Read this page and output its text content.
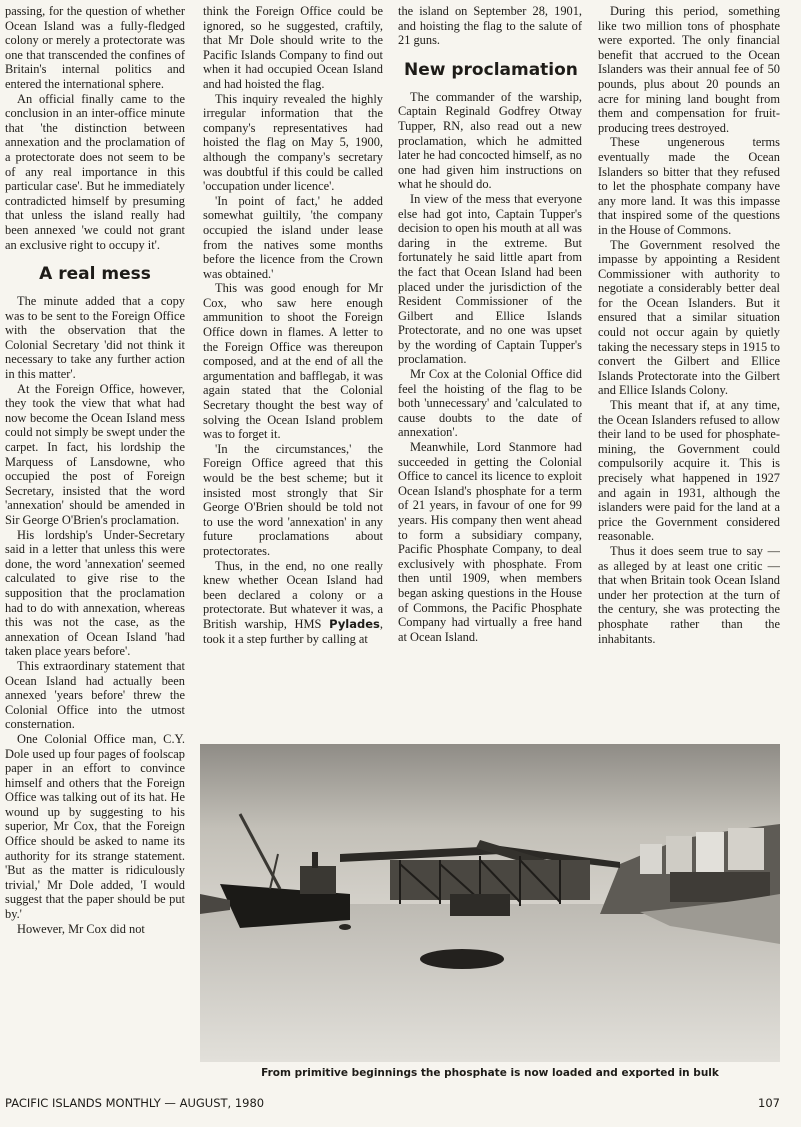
passing, for the question of whether Ocean Island was a fully-fledged colony or merely a protectorate was one that transcended the confines of Britain's internal politics and entered the international sphere.

An official finally came to the conclusion in an inter-office minute that 'the distinction between annexation and the proclamation of a protectorate does not seem to be of any real importance in this particular case'. But he immediately contradicted himself by presuming that unless the island really had been annexed 'we could not grant an exclusive right to occupy it'.

A real mess

The minute added that a copy was to be sent to the Foreign Office with the observation that the Colonial Secretary 'did not think it necessary to take any further action in this matter'.

At the Foreign Office, however, they took the view that what had now become the Ocean Island mess could not simply be swept under the carpet. In fact, his lordship the Marquess of Lansdowne, who occupied the post of Foreign Secretary, insisted that the word 'annexation' should be amended in Sir George O'Brien's proclamation.

His lordship's Under-Secretary said in a letter that unless this were done, the word 'annexation' seemed calculated to give rise to the supposition that the proclamation had to do with annexation, whereas this was not the case, as the annexation of Ocean Island 'had taken place years before'.

This extraordinary statement that Ocean Island had actually been annexed 'years before' threw the Colonial Office into the utmost consternation.

One Colonial Office man, C.Y. Dole used up four pages of foolscap paper in an effort to convince himself and others that the Foreign Office was talking out of its hat. He wound up by suggesting to his superior, Mr Cox, that the Foreign Office should be asked to name its authority for its strange statement. 'But as the matter is ridiculously trivial,' Mr Dole added, 'I would suggest that the paper should be put by.'

However, Mr Cox did not

think the Foreign Office could be ignored, so he suggested, craftily, that Mr Dole should write to the Pacific Islands Company to find out when it had occupied Ocean Island and had hoisted the flag.

This inquiry revealed the highly irregular information that the company's representatives had hoisted the flag on May 5, 1900, although the company's secretary was doubtful if this could be called 'occupation under licence'.

'In point of fact,' he added somewhat guiltily, 'the company occupied the island under lease from the natives some months before the licence from the Crown was obtained.'

This was good enough for Mr Cox, who saw here enough ammunition to shoot the Foreign Office down in flames. A letter to the Foreign Office was thereupon composed, and at the end of all the argumentation and bafflegab, it was again stated that the Colonial Secretary thought the best way of solving the Ocean Island problem was to forget it.

'In the circumstances,' the Foreign Office agreed that this would be the best scheme; but it insisted most strongly that Sir George O'Brien should be told not to use the word 'annexation' in any future proclamations about protectorates.

Thus, in the end, no one really knew whether Ocean Island had been declared a colony or a protectorate. But whatever it was, a British warship, HMS Pylades, took it a step further by calling at

the island on September 28, 1901, and hoisting the flag to the salute of 21 guns.

New proclamation

The commander of the warship, Captain Reginald Godfrey Otway Tupper, RN, also read out a new proclamation, which he admitted later he had concocted himself, as no one had given him instructions on what he should do.

In view of the mess that everyone else had got into, Captain Tupper's decision to open his mouth at all was daring in the extreme. But fortunately he said little apart from the fact that Ocean Island had been placed under the jurisdiction of the Resident Commissioner of the Gilbert and Ellice Islands Protectorate, and no one was upset by the wording of Captain Tupper's proclamation.

Mr Cox at the Colonial Office did feel the hoisting of the flag to be both 'unnecessary' and 'calculated to cause doubts to the date of annexation'.

Meanwhile, Lord Stanmore had succeeded in getting the Colonial Office to cancel its licence to exploit Ocean Island's phosphate for a term of 21 years, in favour of one for 99 years. His company then went ahead to form a subsidiary company, Pacific Phosphate Company, to deal exclusively with phosphate. From then until 1909, when members began asking questions in the House of Commons, the Pacific Phosphate Company had virtually a free hand at Ocean Island.

During this period, something like two million tons of phosphate were exported. The only financial benefit that accrued to the Ocean Islanders was their annual fee of 50 pounds, plus about 20 pounds an acre for mining land bought from them and compensation for fruit-producing trees destroyed.

These ungenerous terms eventually made the Ocean Islanders so bitter that they refused to let the phosphate company have any more land. It was this impasse that inspired some of the questions in the House of Commons.

The Government resolved the impasse by appointing a Resident Commissioner with authority to negotiate a considerably better deal for the Ocean Islanders. But it ensured that a similar situation could not occur again by quietly taking the necessary steps in 1915 to convert the Gilbert and Ellice Islands Protectorate into the Gilbert and Ellice Islands Colony.

This meant that if, at any time, the Ocean Islanders refused to allow their land to be used for phosphate-mining, the Government could compulsorily acquire it. This is precisely what happened in 1927 and again in 1931, although the islanders were paid for the land at a price the Government considered reasonable.

Thus it does seem true to say — as alleged by at least one critic — that when Britain took Ocean Island under her protection at the turn of the century, she was protecting the phosphate rather than the inhabitants.

From primitive beginnings the phosphate is now loaded and exported in bulk
PACIFIC ISLANDS MONTHLY — AUGUST, 1980	107
